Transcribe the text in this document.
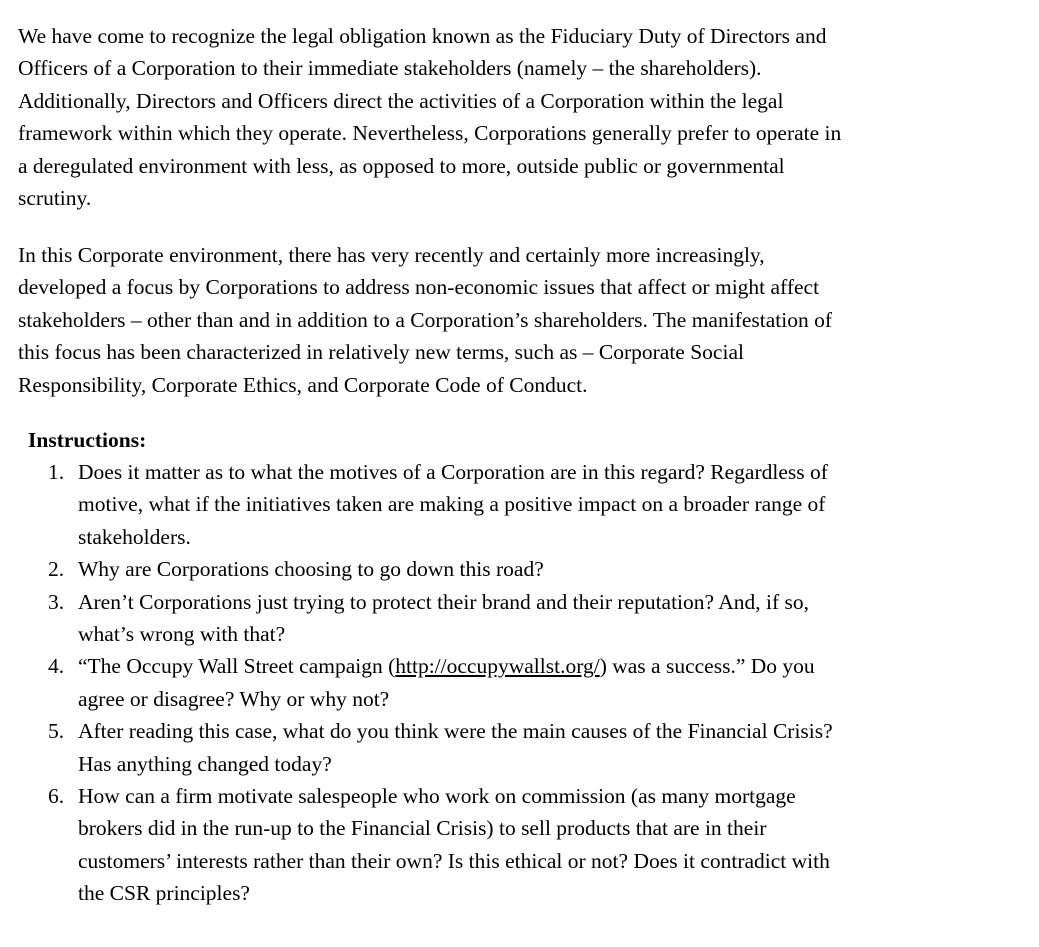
We have come to recognize the legal obligation known as the Fiduciary Duty of Directors and
Officers of a Corporation to their immediate stakeholders (namely – the shareholders).
Additionally, Directors and Officers direct the activities of a Corporation within the legal
framework within which they operate. Nevertheless, Corporations generally prefer to operate in
a deregulated environment with less, as opposed to more, outside public or governmental
scrutiny.

In this Corporate environment, there has very recently and certainly more increasingly,
developed a focus by Corporations to address non-economic issues that affect or might affect
stakeholders – other than and in addition to a Corporation’s shareholders. The manifestation of
this focus has been characterized in relatively new terms, such as – Corporate Social
Responsibility, Corporate Ethics, and Corporate Code of Conduct.

Instructions:

1. Does it matter as to what the motives of a Corporation are in this regard? Regardless of
motive, what if the initiatives taken are making a positive impact on a broader range of
stakeholders.
2. Why are Corporations choosing to go down this road?
3. Aren’t Corporations just trying to protect their brand and their reputation? And, if so,
what’s wrong with that?
4. “The Occupy Wall Street campaign (http://occupywallst.org/) was a success.” Do you
agree or disagree? Why or why not?
5. After reading this case, what do you think were the main causes of the Financial Crisis?
Has anything changed today?
6. How can a firm motivate salespeople who work on commission (as many mortgage
brokers did in the run-up to the Financial Crisis) to sell products that are in their
customers’ interests rather than their own? Is this ethical or not? Does it contradict with
the CSR principles?
